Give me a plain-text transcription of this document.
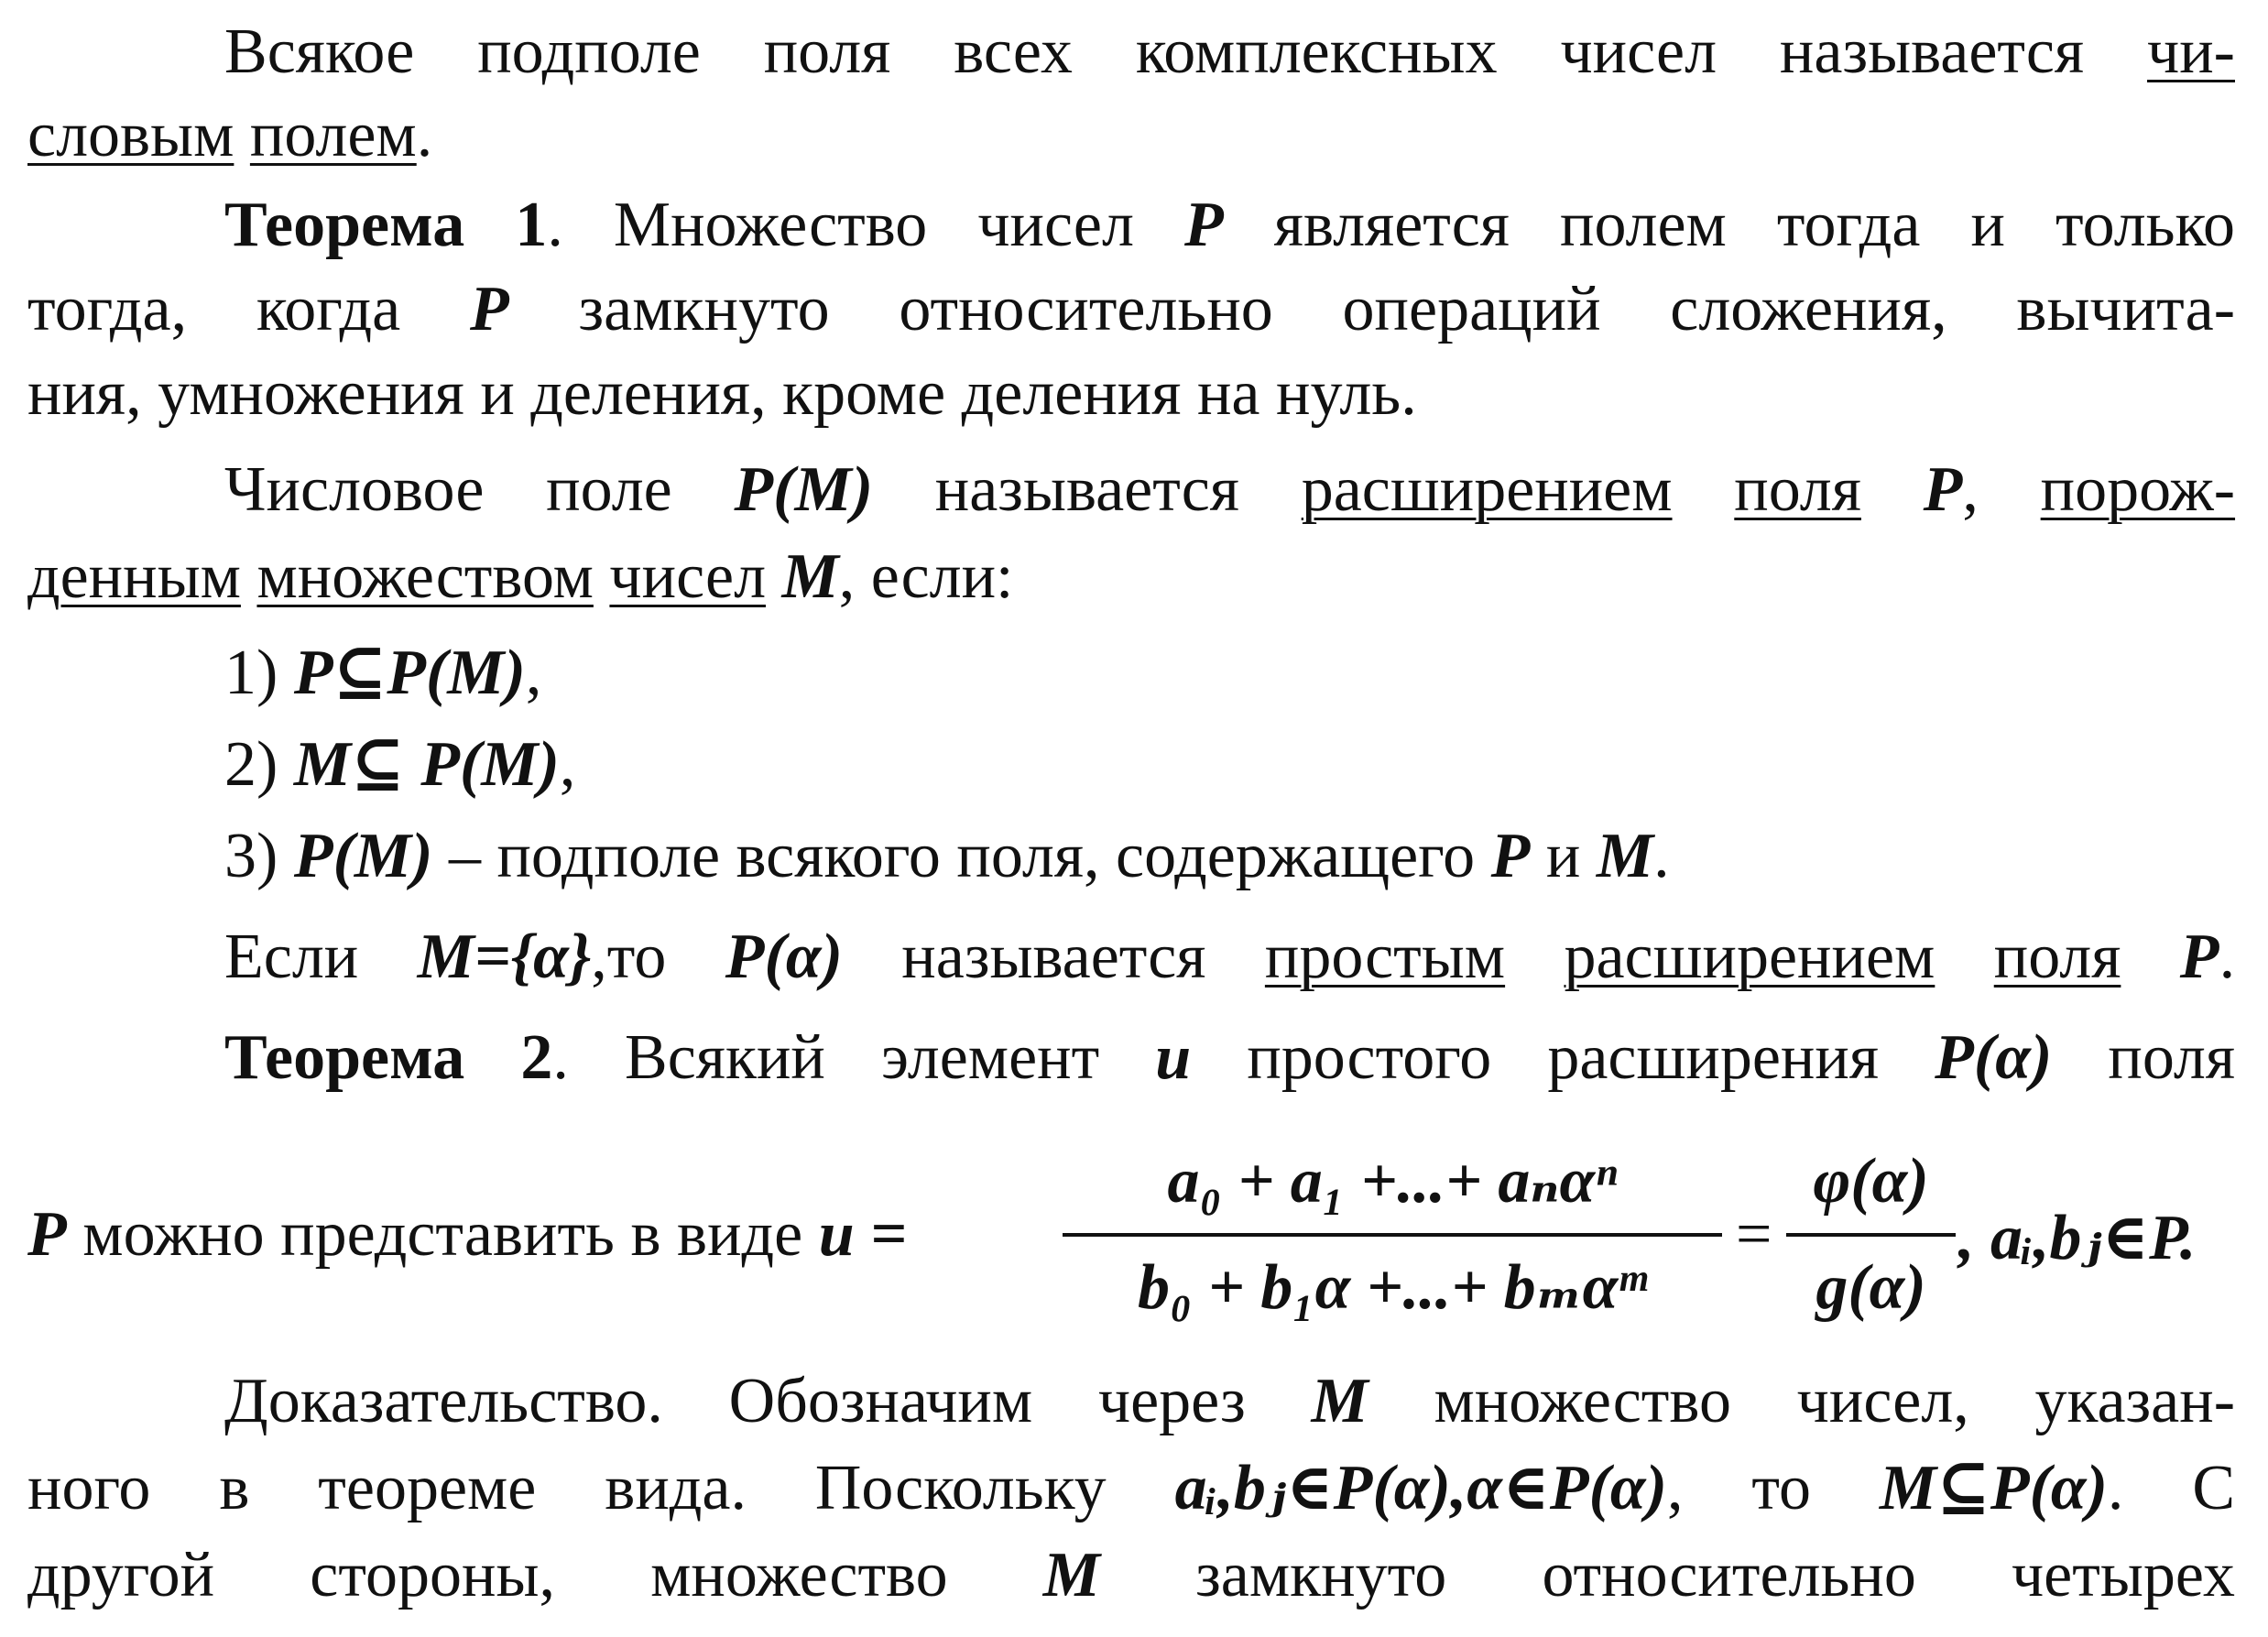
Всякое подполе поля всех комплексных чисел называется чи-
словым полем.
Теорема 1. Множество чисел P является полем тогда и только
тогда, когда P замкнуто относительно операций сложения, вычита-
ния, умножения и деления, кроме деления на нуль.
Числовое поле P(M) называется расширением поля P, порож-
денным множеством чисел M, если:
1) P⊆P(M),
2) M⊆ P(M),
3) P(M) – подполе всякого поля, содержащего P и M.
Если M={α},то P(α) называется простым расширением поля P.
Теорема 2. Всякий элемент u простого расширения P(α) поля
P можно представить в виде u =
a₀ + a₁ +...+ aₙαⁿ
b₀ + b₁α +...+ bₘαᵐ
=
φ(α)
g(α)
, aᵢ,bⱼ∈P.
Доказательство. Обозначим через M множество чисел, указан-
ного в теореме вида. Поскольку aᵢ,bⱼ∈P(α),α∈P(α), то M⊆P(α). С
другой стороны, множество M замкнуто относительно четырех
